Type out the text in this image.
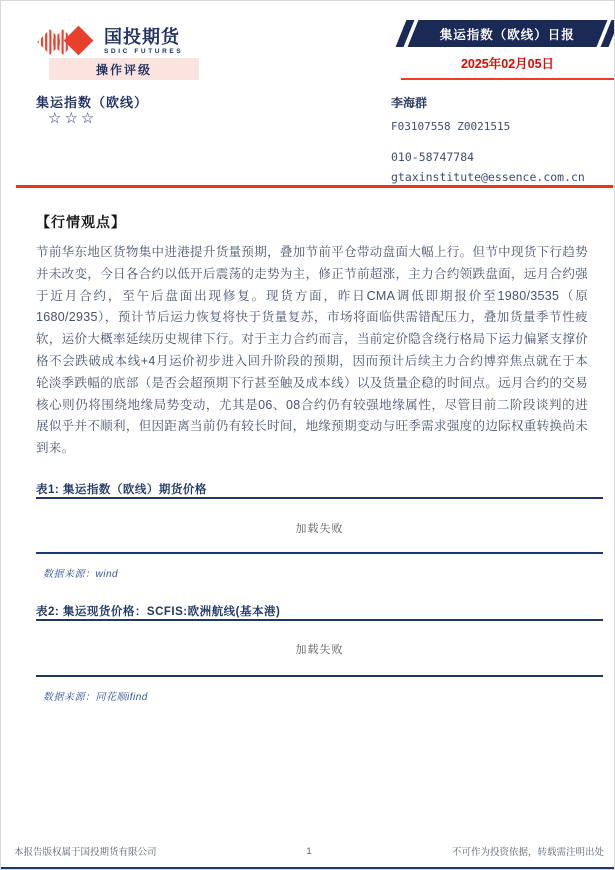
国投期货
SDIC FUTURES
集运指数（欧线）日报
2025年02月05日
操作评级
集运指数（欧线）
☆☆☆
李海群
F03107558 Z0021515
010-58747784
gtaxinstitute@essence.com.cn
【行情观点】
节前华东地区货物集中进港提升货量预期，叠加节前平仓带动盘面大幅上行。但节中现货下行趋势并未改变，今日各合约以低开后震荡的走势为主，修正节前超涨，主力合约领跌盘面，远月合约强于近月合约，至午后盘面出现修复。现货方面，昨日CMA调低即期报价至1980/3535（原1680/2935），预计节后运力恢复将快于货量复苏，市场将面临供需错配压力，叠加货量季节性疲软，运价大概率延续历史规律下行。对于主力合约而言，当前定价隐含绕行格局下运力偏紧支撑价格不会跌破成本线+4月运价初步进入回升阶段的预期，因而预计后续主力合约博弈焦点就在于本轮淡季跌幅的底部（是否会超预期下行甚至触及成本线）以及货量企稳的时间点。远月合约的交易核心则仍将围绕地缘局势变动，尤其是06、08合约仍有较强地缘属性，尽管目前二阶段谈判的进展似乎并不顺利，但因距离当前仍有较长时间，地缘预期变动与旺季需求强度的边际权重转换尚未到来。
表1: 集运指数（欧线）期货价格
加载失败
数据来源：wind
表2: 集运现货价格：SCFIS:欧洲航线(基本港)
加载失败
数据来源：同花顺ifind
本报告版权属于国投期货有限公司	1	不可作为投资依据，转载需注明出处
